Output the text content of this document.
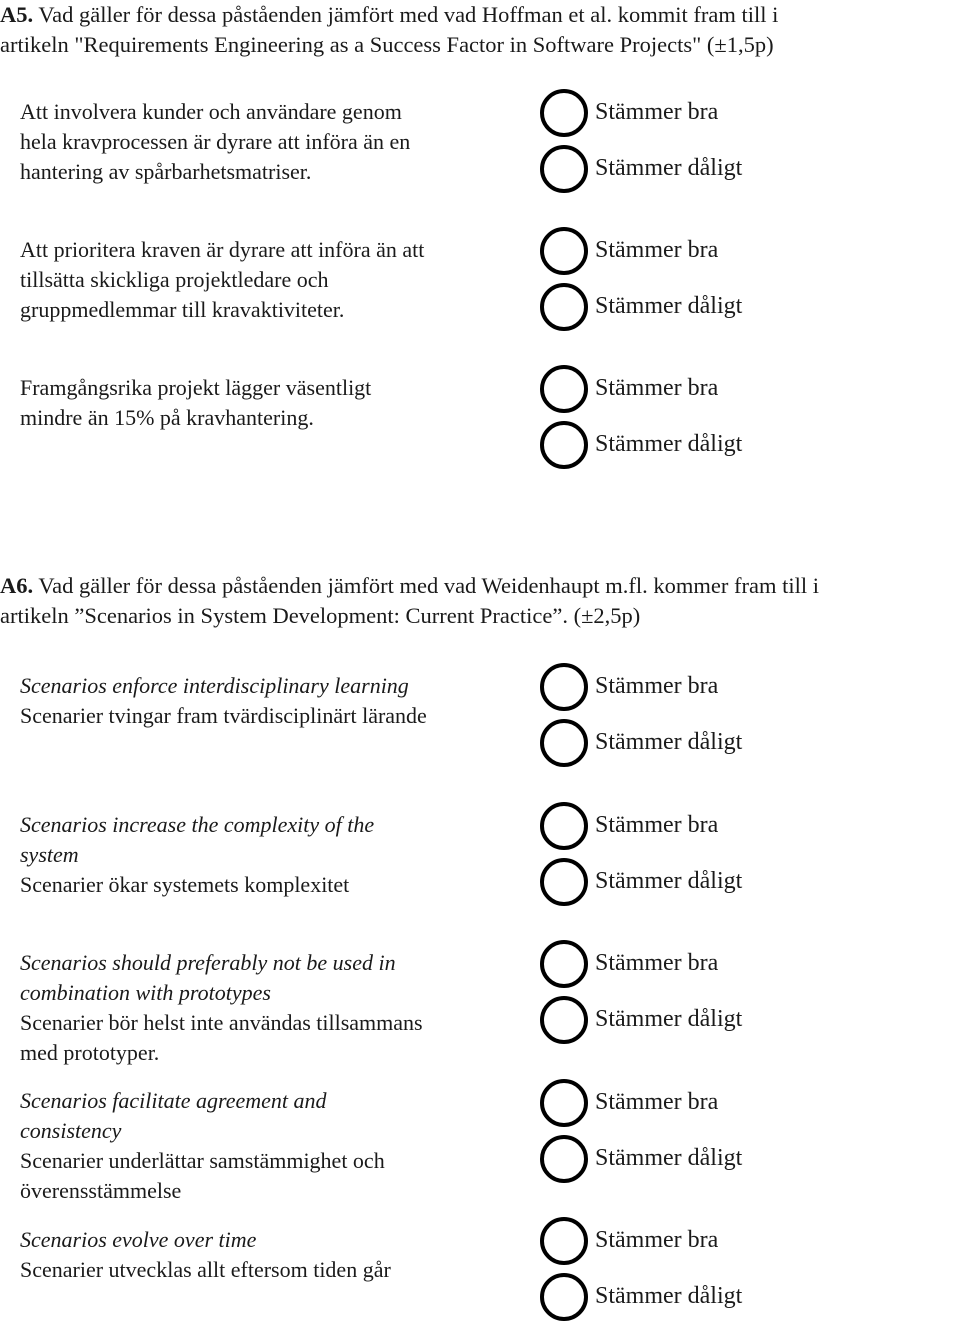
A5. Vad gäller för dessa påståenden jämfört med vad Hoffman et al. kommit fram till i
artikeln "Requirements Engineering as a Success Factor in Software Projects" (±1,5p)
Att involvera kunder och användare genom
hela kravprocessen är dyrare att införa än en
hantering av spårbarhetsmatriser.
Stämmer bra
Stämmer dåligt
Att prioritera kraven är dyrare att införa än att
tillsätta skickliga projektledare och
gruppmedlemmar till kravaktiviteter.
Stämmer bra
Stämmer dåligt
Framgångsrika projekt lägger väsentligt
mindre än 15% på kravhantering.
Stämmer bra
Stämmer dåligt
A6. Vad gäller för dessa påståenden jämfört med vad Weidenhaupt m.fl. kommer fram till i
artikeln ”Scenarios in System Development: Current Practice”. (±2,5p)
Scenarios enforce interdisciplinary learning
Scenarier tvingar fram tvärdisciplinärt lärande
Stämmer bra
Stämmer dåligt
Scenarios increase the complexity of the
system
Scenarier ökar systemets komplexitet
Stämmer bra
Stämmer dåligt
Scenarios should preferably not be used in
combination with prototypes
Scenarier bör helst inte användas tillsammans
med prototyper.
Stämmer bra
Stämmer dåligt
Scenarios facilitate agreement and
consistency
Scenarier underlättar samstämmighet och
överensstämmelse
Stämmer bra
Stämmer dåligt
Scenarios evolve over time
Scenarier utvecklas allt eftersom tiden går
Stämmer bra
Stämmer dåligt
